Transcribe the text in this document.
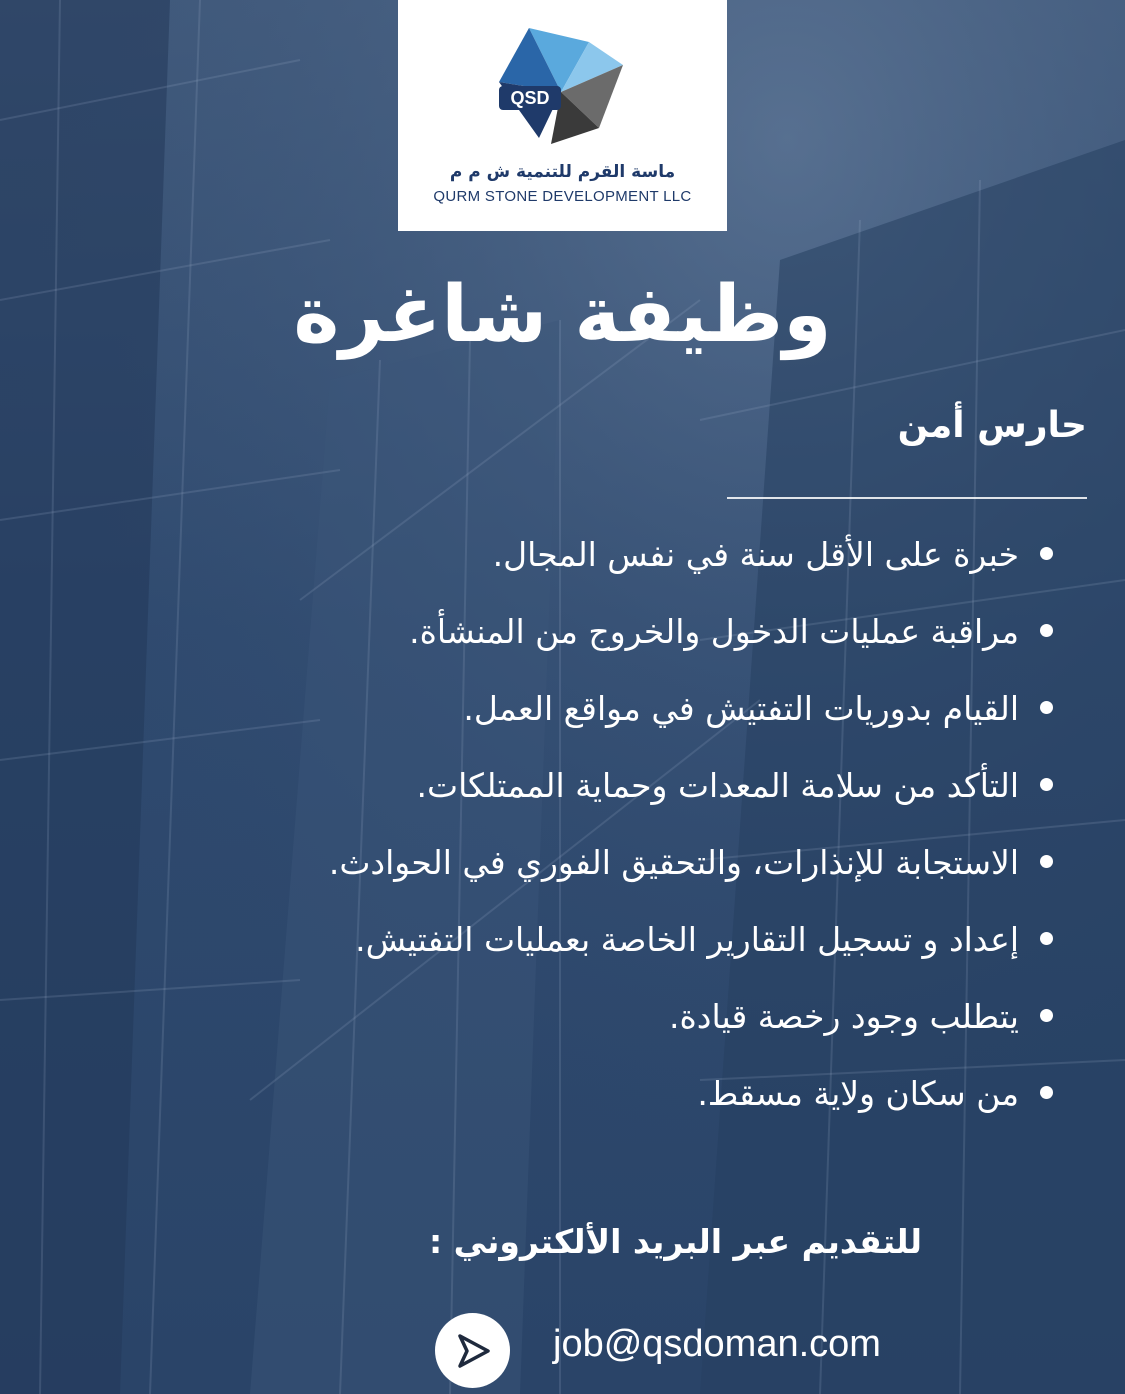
QSD
ماسة القرم للتنمية ش م م
QURM STONE DEVELOPMENT LLC
وظيفة شاغرة
حارس أمن
خبرة على الأقل سنة في نفس المجال.
مراقبة عمليات الدخول والخروج من المنشأة.
القيام بدوريات التفتيش في مواقع العمل.
التأكد من سلامة المعدات وحماية الممتلكات.
الاستجابة للإنذارات، والتحقيق الفوري في الحوادث.
إعداد و تسجيل التقارير الخاصة بعمليات التفتيش.
يتطلب وجود رخصة قيادة.
من سكان ولاية مسقط.
للتقديم عبر البريد الألكتروني :
job@qsdoman.com
